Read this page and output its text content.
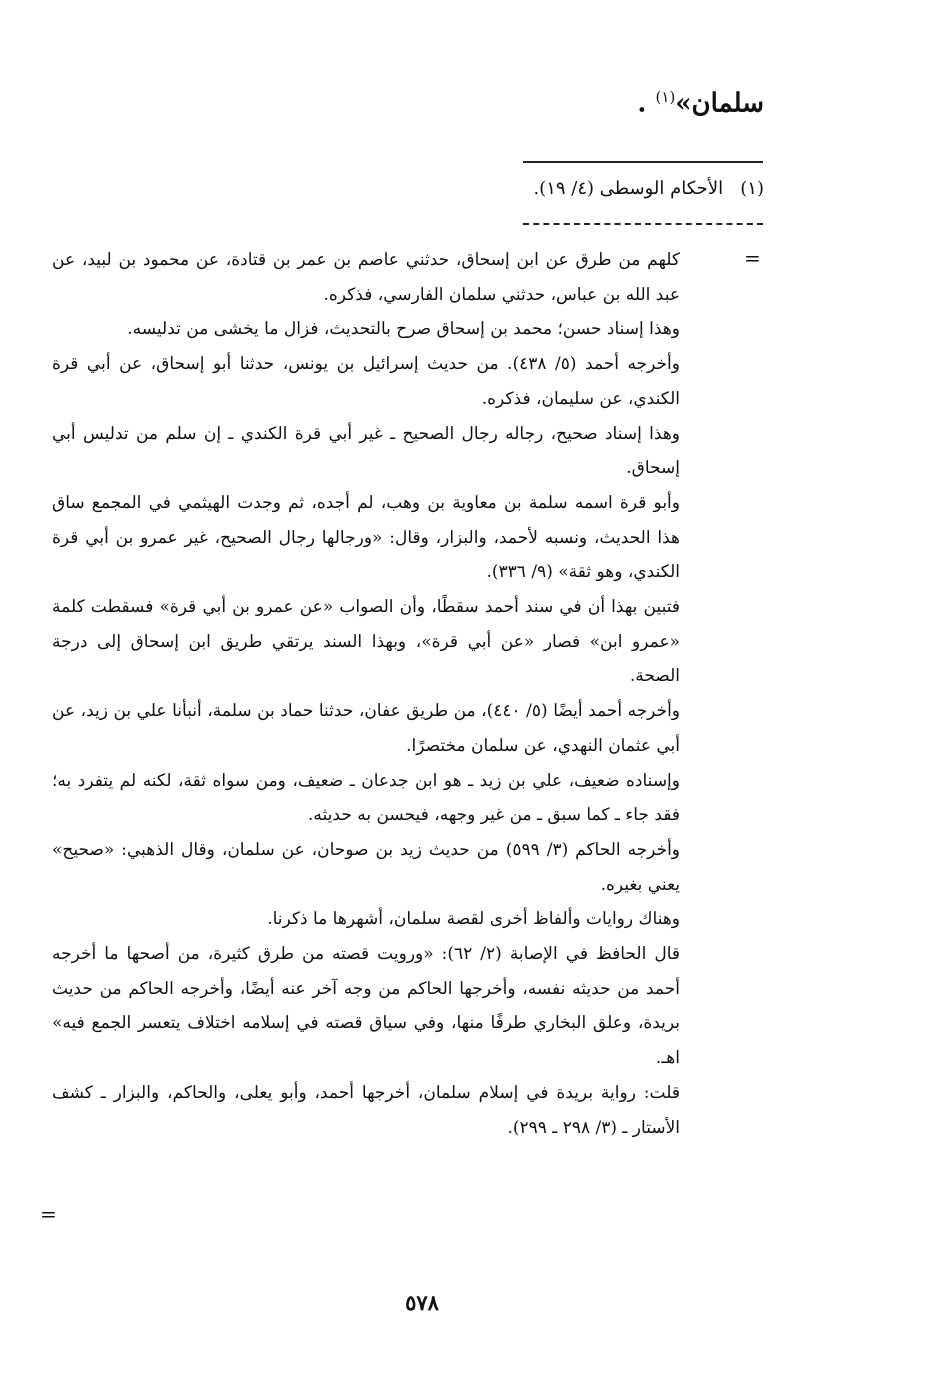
سلمان»$^{(١)}$ .
(١)   الأحكام الوسطى (٤/ ١٩).
=

كلهم من طرق عن ابن إسحاق، حدثني عاصم بن عمر بن قتادة، عن محمود بن لبيد، عن عبد الله بن عباس، حدثني سلمان الفارسي، فذكره.

وهذا إسناد حسن؛ محمد بن إسحاق صرح بالتحديث، فزال ما يخشى من تدليسه.

وأخرجه أحمد (٥/ ٤٣٨). من حديث إسرائيل بن يونس، حدثنا أبو إسحاق، عن أبي قرة الكندي، عن سليمان، فذكره.

وهذا إسناد صحيح، رجاله رجال الصحيح ـ غير أبي قرة الكندي ـ إن سلم من تدليس أبي إسحاق.

وأبو قرة اسمه سلمة بن معاوية بن وهب، لم أجده، ثم وجدت الهيثمي في المجمع ساق هذا الحديث، ونسبه لأحمد، والبزار، وقال: «ورجالها رجال الصحيح، غير عمرو بن أبي قرة الكندي، وهو ثقة» (٩/ ٣٣٦).

فتبين بهذا أن في سند أحمد سقطًا، وأن الصواب «عن عمرو بن أبي قرة» فسقطت كلمة «عمرو ابن» فصار «عن أبي قرة»، وبهذا السند يرتقي طريق ابن إسحاق إلى درجة الصحة.

وأخرجه أحمد أيضًا (٥/ ٤٤٠)، من طريق عفان، حدثنا حماد بن سلمة، أنبأنا علي بن زيد، عن أبي عثمان النهدي، عن سلمان مختصرًا.

وإسناده ضعيف، علي بن زيد ـ هو ابن جدعان ـ ضعيف، ومن سواه ثقة، لكنه لم يتفرد به؛ فقد جاء ـ كما سبق ـ من غير وجهه، فيحسن به حديثه.

وأخرجه الحاكم (٣/ ٥٩٩) من حديث زيد بن صوحان، عن سلمان، وقال الذهبي: «صحيح» يعني بغيره.

وهناك روايات وألفاظ أخرى لقصة سلمان، أشهرها ما ذكرنا.

قال الحافظ في الإصابة (٢/ ٦٢): «ورويت قصته من طرق كثيرة، من أصحها ما أخرجه أحمد من حديثه نفسه، وأخرجها الحاكم من وجه آخر عنه أيضًا، وأخرجه الحاكم من حديث بريدة، وعلق البخاري طرفًا منها، وفي سياق قصته في إسلامه اختلاف يتعسر الجمع فيه» اهـ.

قلت: رواية بريدة في إسلام سلمان، أخرجها أحمد، وأبو يعلى، والحاكم، والبزار ـ كشف الأستار ـ (٣/ ٢٩٨ ـ ٢٩٩).

=
٥٧٨
